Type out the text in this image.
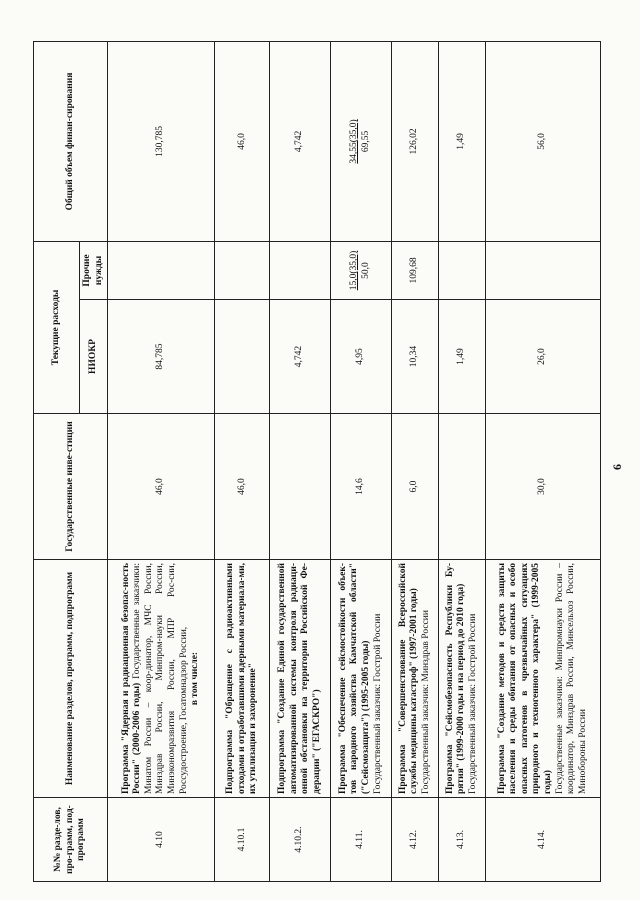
№№ разде-лов, про-грамм, под-программ	Наименование разделов, программ, подпрограмм	Государственные инве-стиции	Текущие расходы		Общий объем финан-сирования
			НИОКР	Прочие нужды	
4.10	Программа "Ядерная и радиационная безопас-ность России" (2000-2006 годы) Государственные заказчики: Минатом России – коор-динатор, МЧС России, Минздрав России, Минпром-науки России, Минэкономразвития России, МПР Рос-сии, Россудостроение, Госатомнадзор России, в том числе:	46,0	84,785		130,785
4.10.1	Подпрограмма "Обращение с радиоактивными отходами и отработавшими ядерными материала-ми, их утилизация и захоронение"	46,0			46,0
4.10.2.	Подпрограмма "Создание Единой государственной автоматизированной системы контроля радиаци-онной обстановки на территории Российской Фе-дерации" ("ЕГАСКРО")		4,742		4,742
4.11.	Программа "Обеспечение сейсмостойкости объек-тов народного хозяйства Камчатской области" ("Сейсмозащита") (1995-2005 годы) Государственный заказчик: Госстрой России	14,6	4,95	15,0(35,0) 50,0	34,55(35,0) 69,55

4.12.	Программа "Совершенствование Всероссийской службы медицины катастроф" (1997-2001 годы) Государственный заказчик: Минздрав России	6,0	10,34	109,68	126,02
4.13.	Программа "Сейсмобезопасность Республики Бу-рятия" (1999-2000 годы и на период до 2010 года) Государственный заказчик: Госстрой России		1,49		1,49
4.14.	Программа "Создание методов и средств защиты населения и среды обитания от опасных и особо опасных патогенов в чрезвычайных ситуациях природного и техногенного характера" (1999-2005 годы) Государственные заказчики: Минпромнауки России – координатор, Минздрав России, Минсельхоз России, Минобороны России	30,0	26,0		56,0
6
